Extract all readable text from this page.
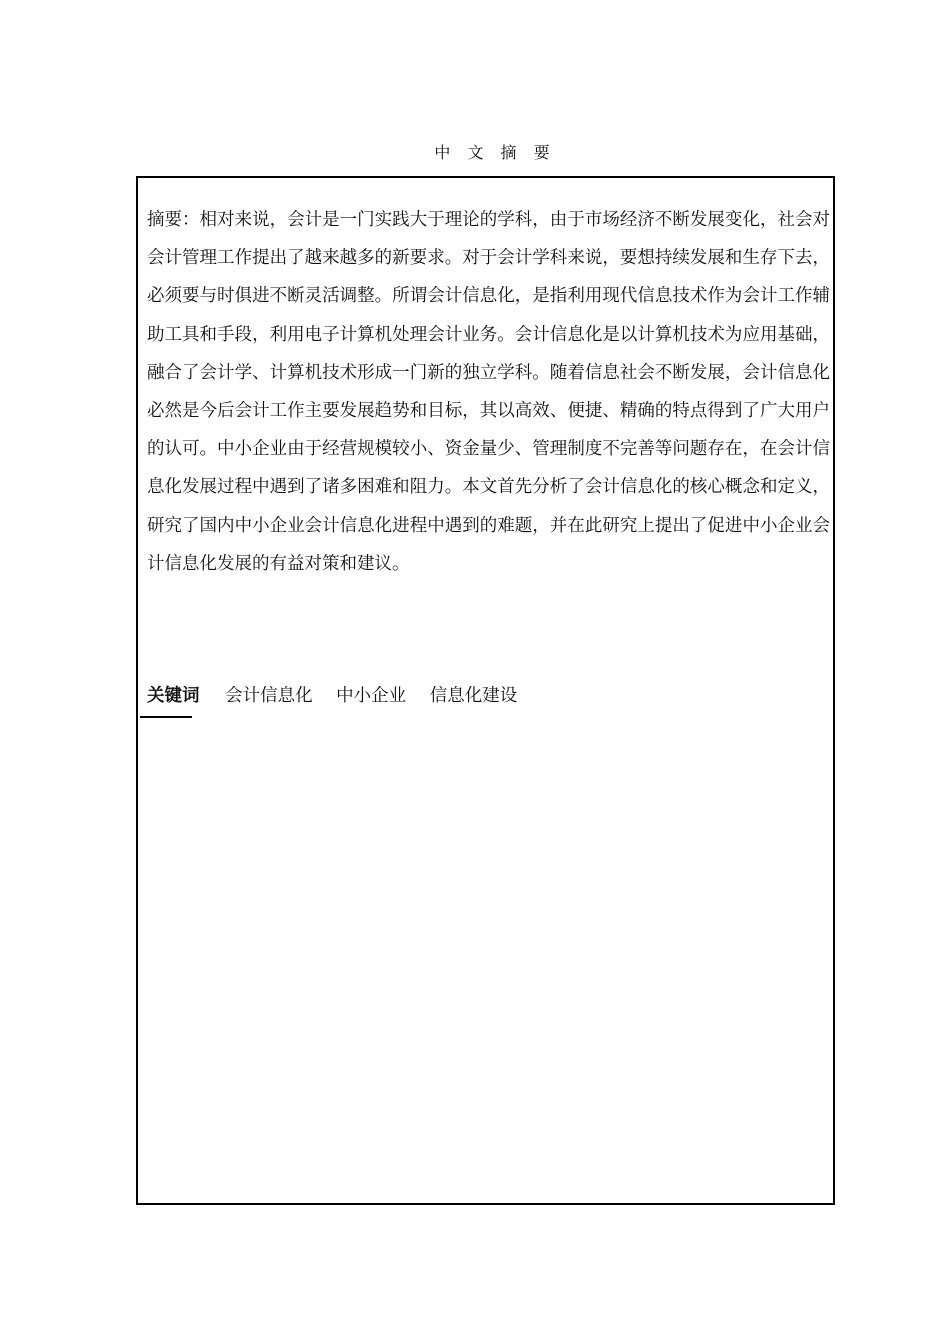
中 文 摘 要

摘要：相对来说，会计是一门实践大于理论的学科，由于市场经济不断发展变化，社会对会计管理工作提出了越来越多的新要求。对于会计学科来说，要想持续发展和生存下去，必须要与时俱进不断灵活调整。所谓会计信息化，是指利用现代信息技术作为会计工作辅助工具和手段，利用电子计算机处理会计业务。会计信息化是以计算机技术为应用基础，融合了会计学、计算机技术形成一门新的独立学科。随着信息社会不断发展，会计信息化必然是今后会计工作主要发展趋势和目标，其以高效、便捷、精确的特点得到了广大用户的认可。中小企业由于经营规模较小、资金量少、管理制度不完善等问题存在，在会计信息化发展过程中遇到了诸多困难和阻力。本文首先分析了会计信息化的核心概念和定义，研究了国内中小企业会计信息化进程中遇到的难题，并在此研究上提出了促进中小企业会计信息化发展的有益对策和建议。

关键词 会计信息化 中小企业 信息化建设
